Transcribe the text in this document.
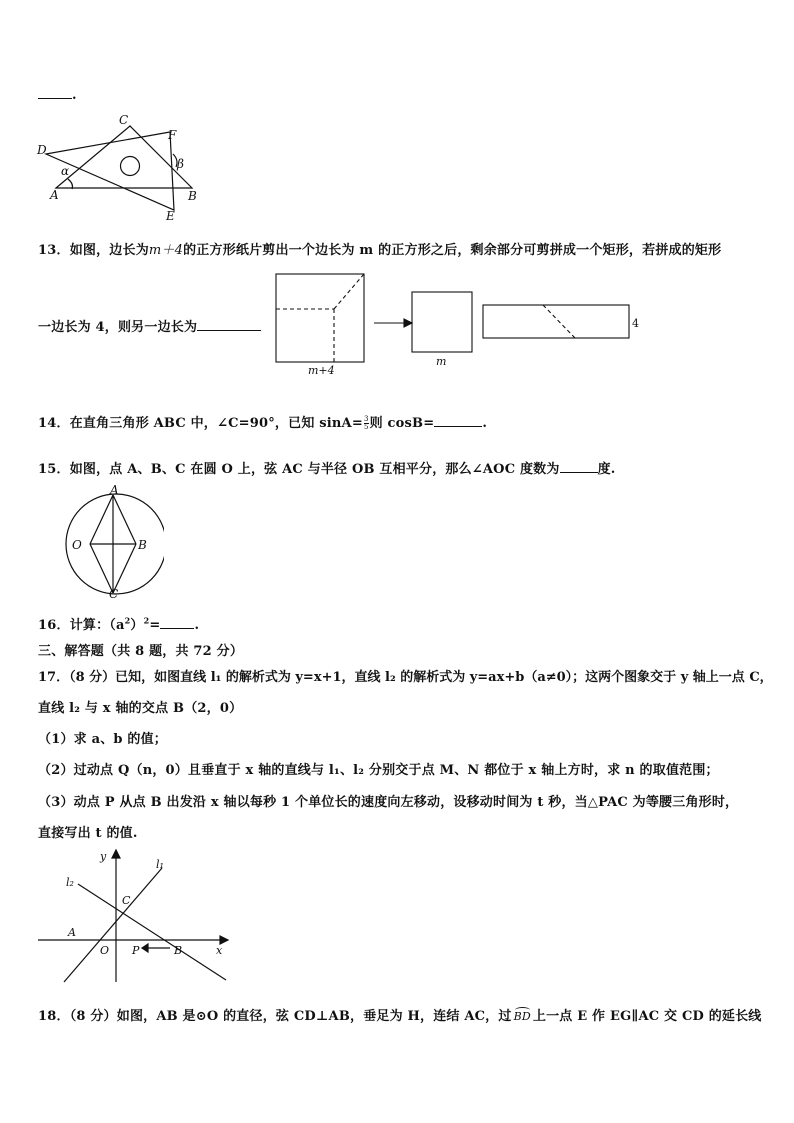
.
C
F
D
α	β
A	B
E
13．如图，边长为m＋4的正方形纸片剪出一个边长为 m 的正方形之后，剩余部分可剪拼成一个矩形，若拼成的矩形
一边长为 4，则另一边长为
m+4
m
4
14．在直角三角形 ABC 中，∠C=90°，已知 $\sin A= \frac{3}{5}$ 则 cosB=	.
15．如图，点 A、B、C 在圆 O 上，弦 AC 与半径 OB 互相平分，那么∠AOC 度数为	度.
A
O	B
C
16．计算：$(a^2)^2=$	.
三、解答题（共 8 题，共 72 分）
17．（8 分）已知，如图直线 l₁ 的解析式为 y=x+1，直线 l₂ 的解析式为 y=ax+b（a≠0）；这两个图象交于 y 轴上一点 C，
直线 l₂ 与 x 轴的交点 B（2，0）
（1）求 a、b 的值；
（2）过动点 Q（n，0）且垂直于 x 轴的直线与 l₁、l₂ 分别交于点 M、N 都位于 x 轴上方时，求 n 的取值范围；
（3）动点 P 从点 B 出发沿 x 轴以每秒 1 个单位长的速度向左移动，设移动时间为 t 秒，当△PAC 为等腰三角形时，
直接写出 t 的值.
y
l₁
l₂
C
A
O P	B	x
18．（8 分）如图，AB 是⊙O 的直径，弦 CD⊥AB，垂足为 H，连结 AC，过 BD 上一点 E 作 EG∥AC 交 CD 的延长线
